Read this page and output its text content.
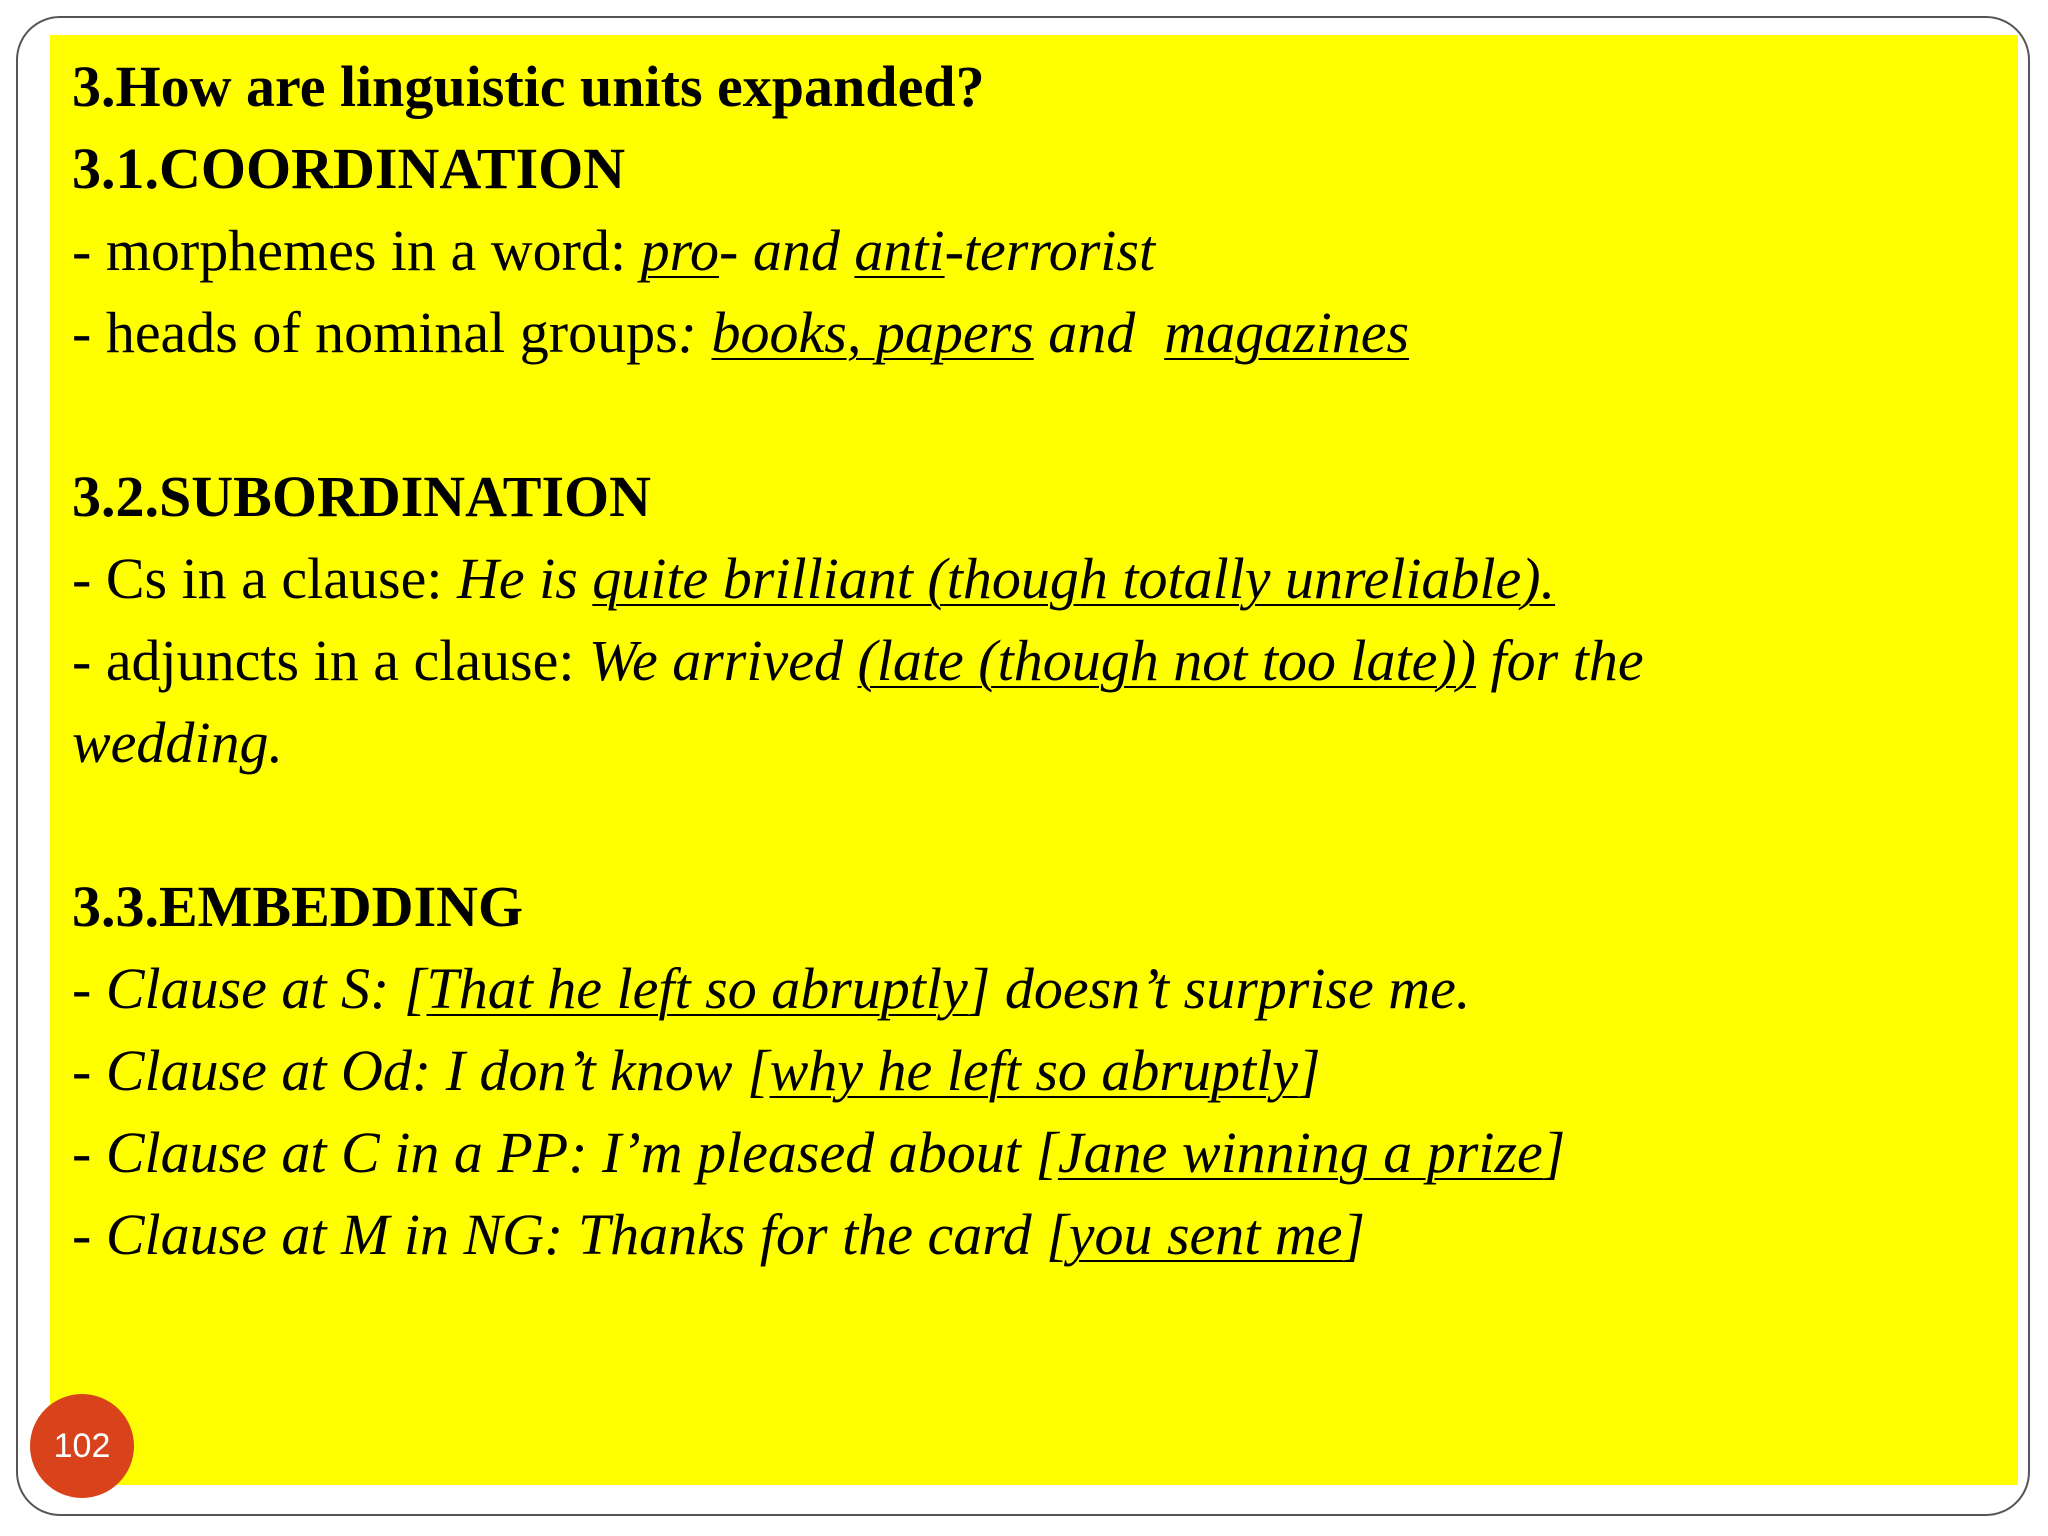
3.How are linguistic units expanded?
3.1.COORDINATION
- morphemes in a word: pro- and anti-terrorist
- heads of nominal groups: books, papers and  magazines
3.2.SUBORDINATION
- Cs in a clause: He is quite brilliant (though totally unreliable).
- adjuncts in a clause: We arrived (late (though not too late)) for the
wedding.
3.3.EMBEDDING
- Clause at S: [That he left so abruptly] doesn’t surprise me.
- Clause at Od: I don’t know [why he left so abruptly]
- Clause at C in a PP: I’m pleased about [Jane winning a prize]
- Clause at M in NG: Thanks for the card [you sent me]
102
